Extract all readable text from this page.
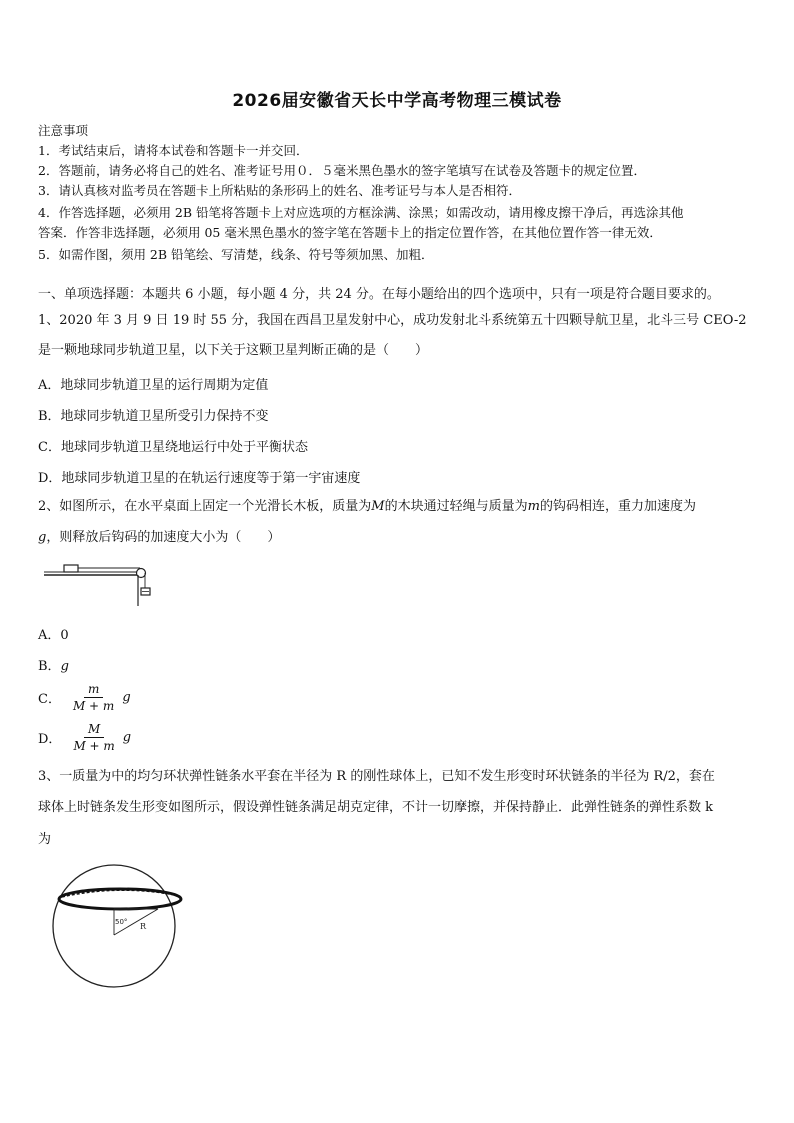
2026届安徽省天长中学高考物理三模试卷
注意事项
1．考试结束后，请将本试卷和答题卡一并交回．
2．答题前，请务必将自己的姓名、准考证号用０．５毫米黑色墨水的签字笔填写在试卷及答题卡的规定位置．
3．请认真核对监考员在答题卡上所粘贴的条形码上的姓名、准考证号与本人是否相符．
4．作答选择题，必须用 2B 铅笔将答题卡上对应选项的方框涂满、涂黑；如需改动，请用橡皮擦干净后，再选涂其他
答案．作答非选择题，必须用 05 毫米黑色墨水的签字笔在答题卡上的指定位置作答，在其他位置作答一律无效．
5．如需作图，须用 2B 铅笔绘、写清楚，线条、符号等须加黑、加粗．
一、单项选择题：本题共 6 小题，每小题 4 分，共 24 分。在每小题给出的四个选项中，只有一项是符合题目要求的。
1、2020 年 3 月 9 日 19 时 55 分，我国在西昌卫星发射中心，成功发射北斗系统第五十四颗导航卫星，北斗三号 CEO-2
是一颗地球同步轨道卫星，以下关于这颗卫星判断正确的是（　　）
A．地球同步轨道卫星的运行周期为定值
B．地球同步轨道卫星所受引力保持不变
C．地球同步轨道卫星绕地运行中处于平衡状态
D．地球同步轨道卫星的在轨运行速度等于第一宇宙速度
2、如图所示，在水平桌面上固定一个光滑长木板，质量为M的木块通过轻绳与质量为m的钩码相连，重力加速度为
g，则释放后钩码的加速度大小为（　　）
A．0
B．g
C． $\frac{m}{M + m}$ g
D． $\frac{M}{M + m}$ g
3、一质量为中的均匀环状弹性链条水平套在半径为 R 的刚性球体上，已知不发生形变时环状链条的半径为 R/2，套在
球体上时链条发生形变如图所示，假设弹性链条满足胡克定律，不计一切摩擦，并保持静止．此弹性链条的弹性系数 k
为
50° R
